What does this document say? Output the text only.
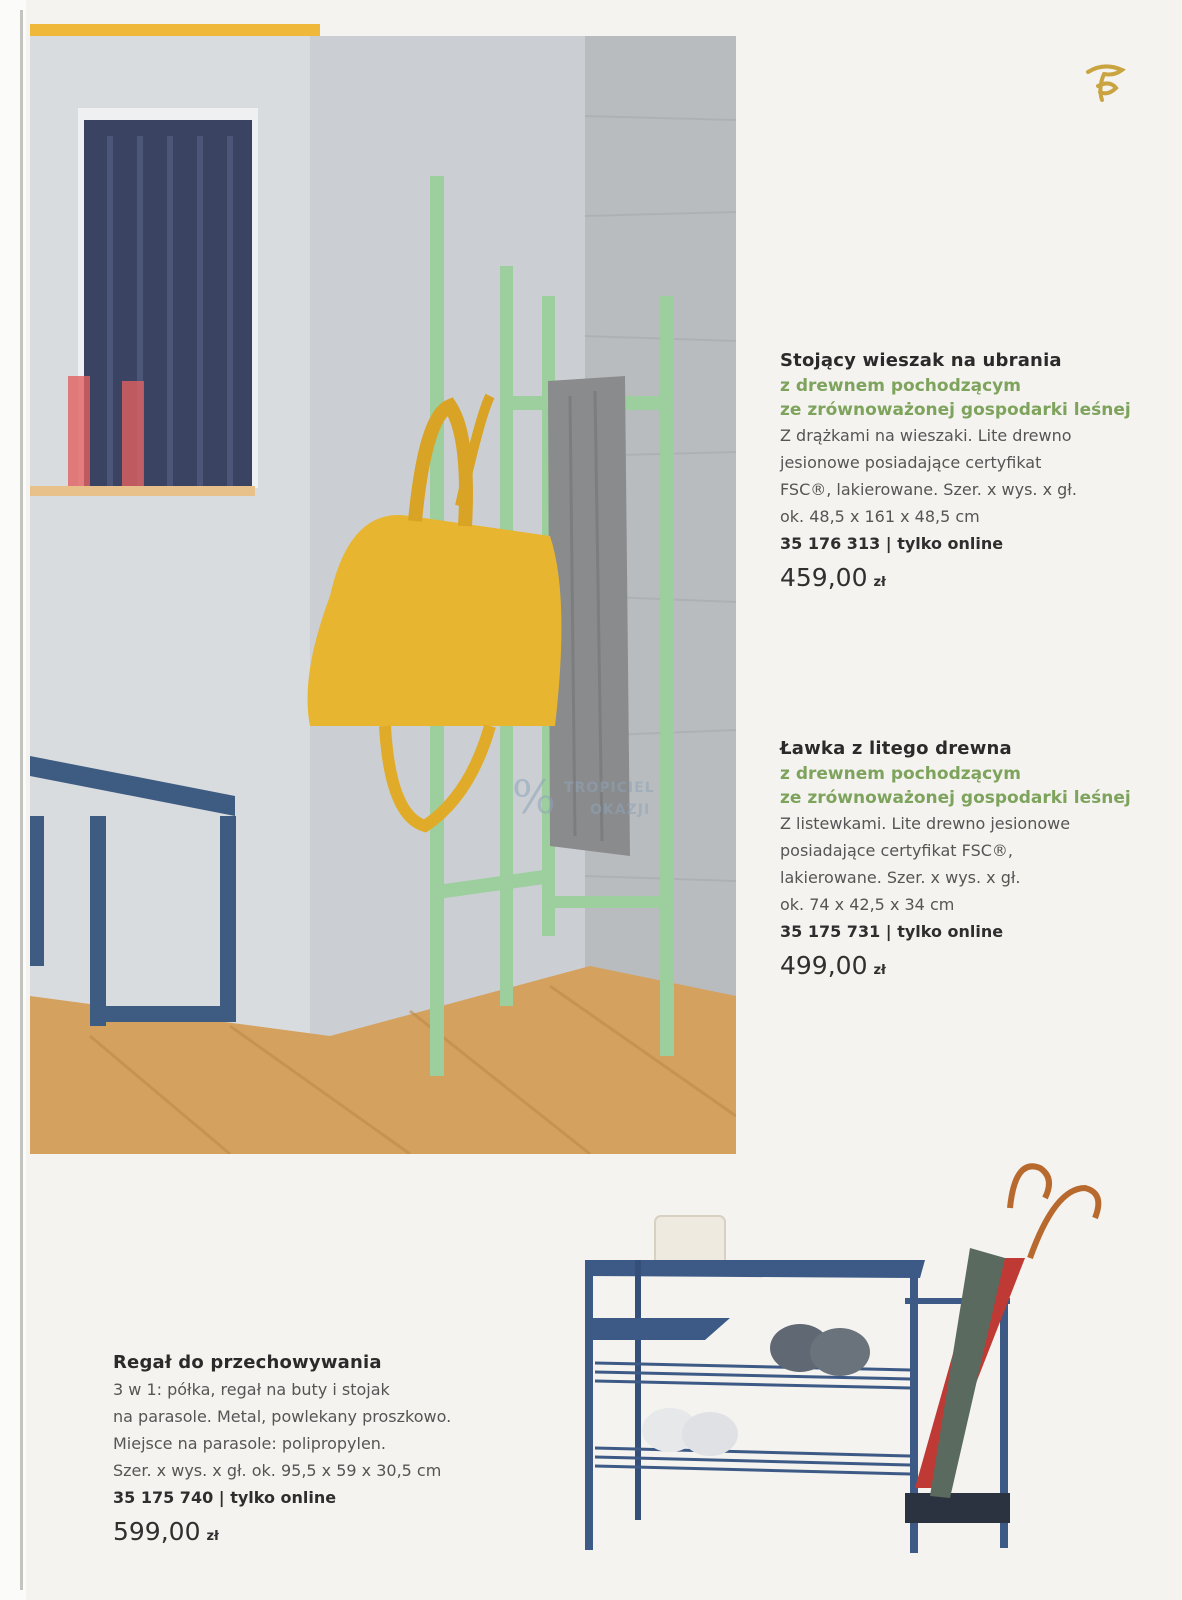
Stojący wieszak na ubrania

z drewnem pochodzącym

ze zrównoważonej gospodarki leśnej

Z drążkami na wieszaki. Lite drewno

jesionowe posiadające certyfikat

FSC®, lakierowane. Szer. x wys. x gł.

ok. 48,5 x 161 x 48,5 cm

35 176 313 | tylko online

459,00 zł
% TROPICIEL
OKAZJI

Ławka z litego drewna

z drewnem pochodzącym

ze zrównoważonej gospodarki leśnej

Z listewkami. Lite drewno jesionowe

posiadające certyfikat FSC®,

lakierowane. Szer. x wys. x gł.

ok. 74 x 42,5 x 34 cm

35 175 731 | tylko online

499,00 zł

Regał do przechowywania

3 w 1: półka, regał na buty i stojak

na parasole. Metal, powlekany proszkowo.

Miejsce na parasole: polipropylen.

Szer. x wys. x gł. ok. 95,5 x 59 x 30,5 cm

35 175 740 | tylko online

599,00 zł
